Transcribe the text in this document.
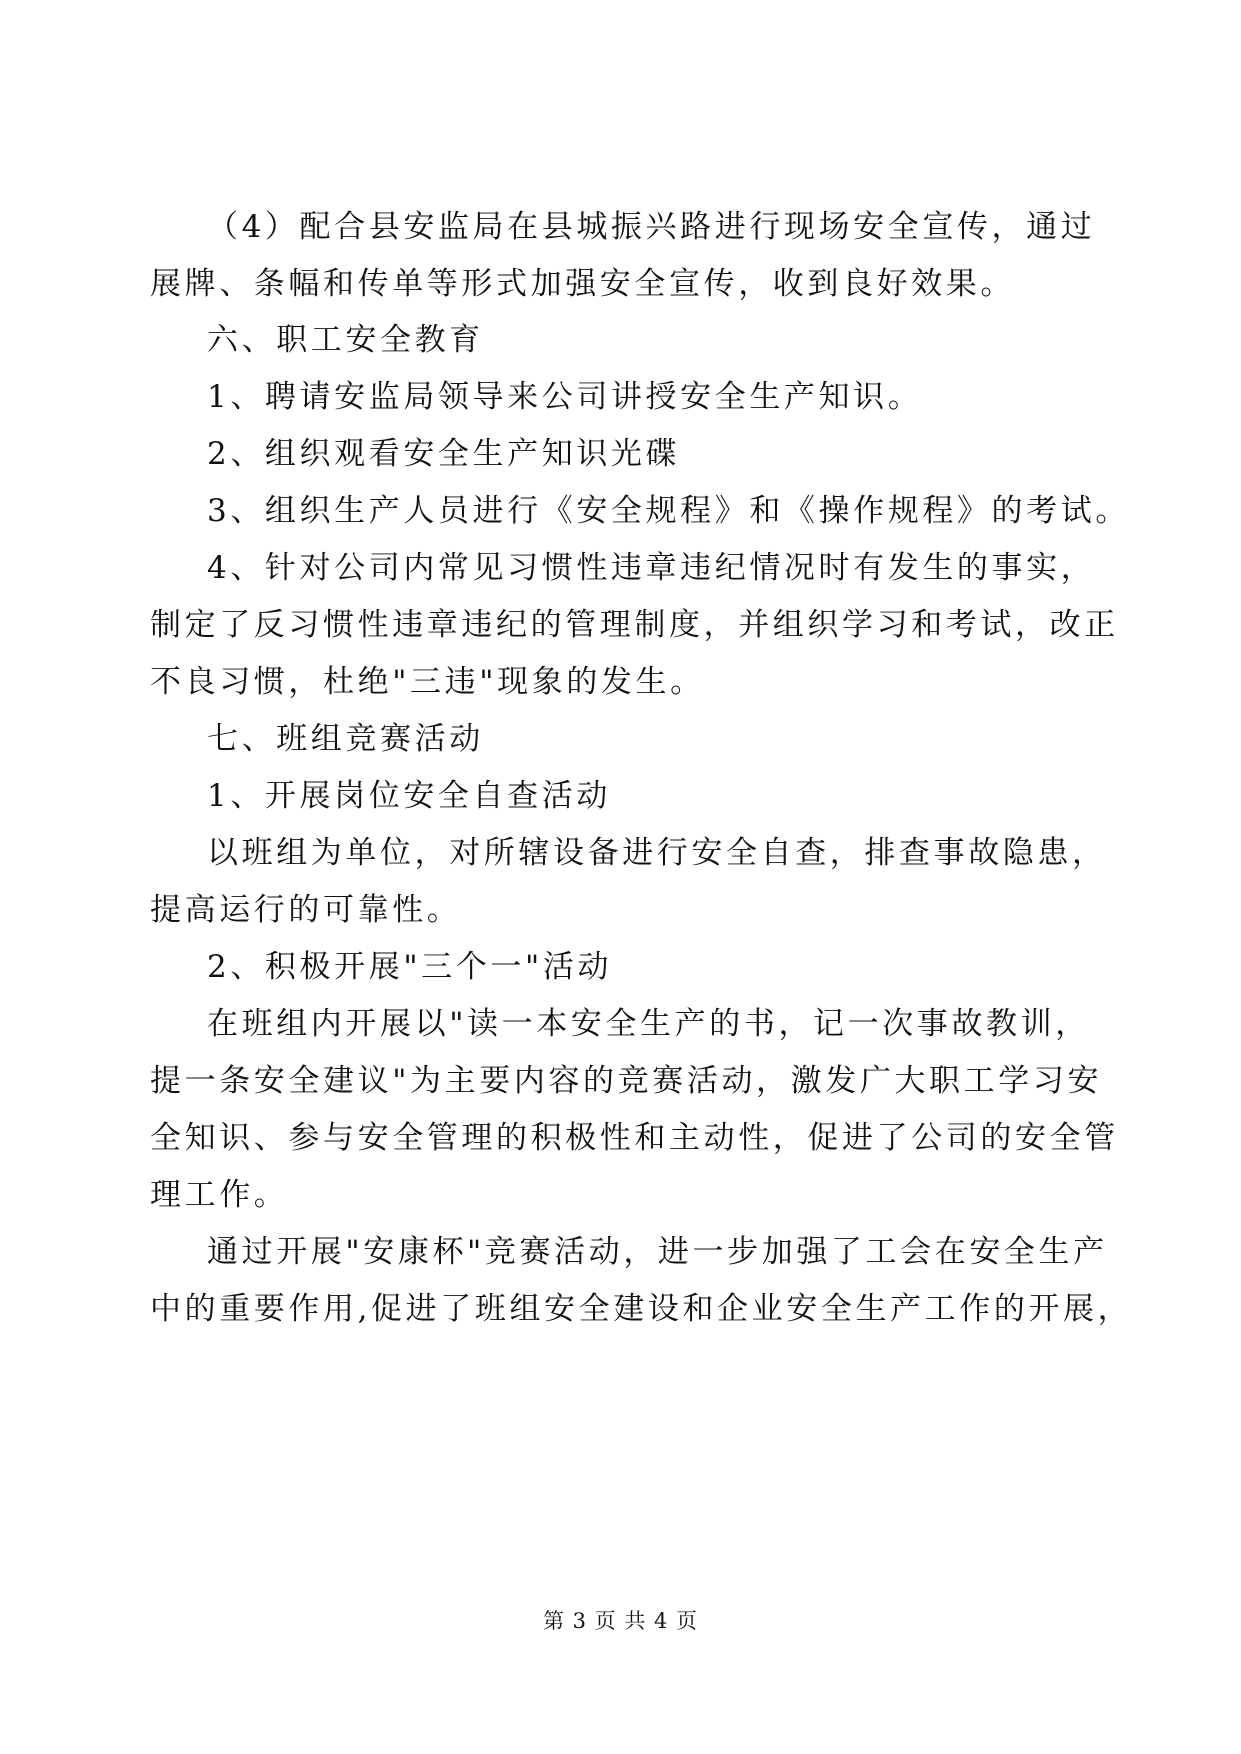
（4）配合县安监局在县城振兴路进行现场安全宣传，通过
展牌、条幅和传单等形式加强安全宣传，收到良好效果。
六、职工安全教育
1、聘请安监局领导来公司讲授安全生产知识。
2、组织观看安全生产知识光碟
3、组织生产人员进行《安全规程》和《操作规程》的考试。
4、针对公司内常见习惯性违章违纪情况时有发生的事实，
制定了反习惯性违章违纪的管理制度，并组织学习和考试，改正
不良习惯，杜绝"三违"现象的发生。
七、班组竞赛活动
1、开展岗位安全自查活动
以班组为单位，对所辖设备进行安全自查，排查事故隐患，
提高运行的可靠性。
2、积极开展"三个一"活动
在班组内开展以"读一本安全生产的书，记一次事故教训，
提一条安全建议"为主要内容的竞赛活动，激发广大职工学习安
全知识、参与安全管理的积极性和主动性，促进了公司的安全管
理工作。
通过开展"安康杯"竞赛活动，进一步加强了工会在安全生产
中的重要作用,促进了班组安全建设和企业安全生产工作的开展，
第 3 页 共 4 页
